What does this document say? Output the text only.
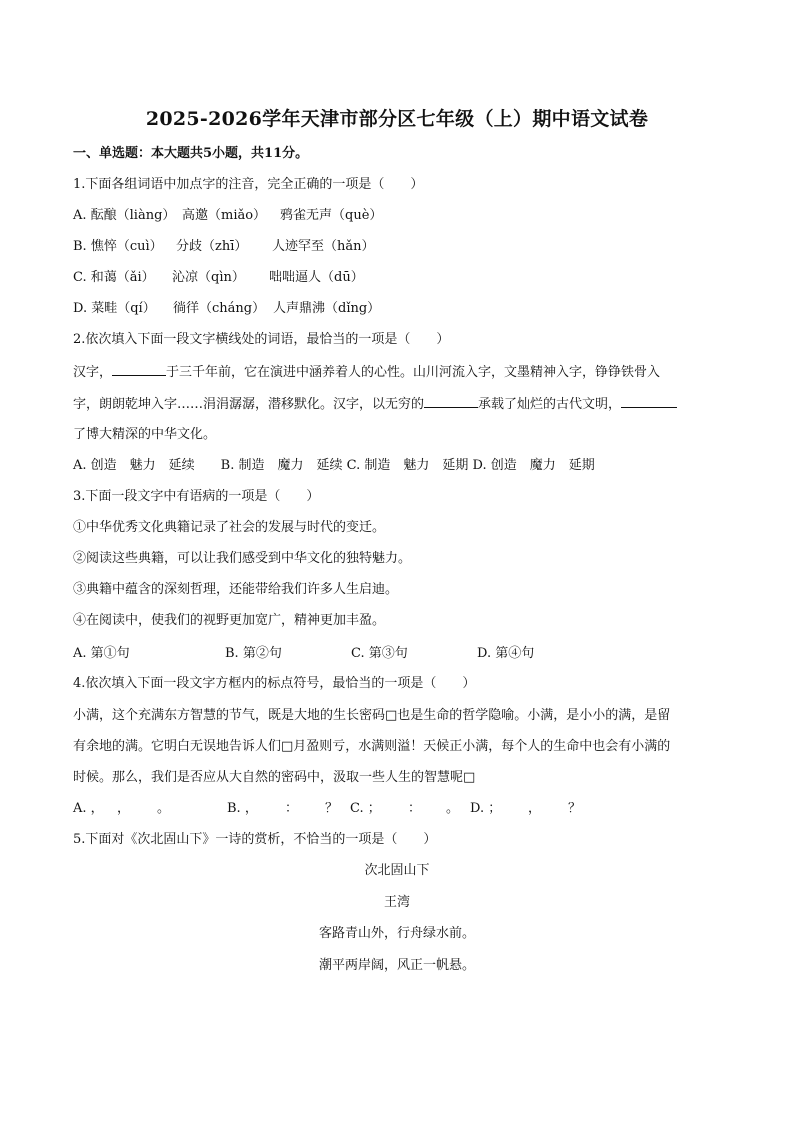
2025-2026学年天津市部分区七年级（上）期中语文试卷
一、单选题：本大题共5小题，共11分。
1.下面各组词语中加点字的注音，完全正确的一项是（　　）
A. 酝酿（liàng） 高邀（miǎo） 鸦雀无声（què）
B. 憔悴（cuì） 分歧（zhī） 人迹罕至（hǎn）
C. 和蔼（ǎi） 沁凉（qìn） 咄咄逼人（dū）
D. 菜畦（qí） 徜徉（cháng） 人声鼎沸（dǐng）
2.依次填入下面一段文字横线处的词语，最恰当的一项是（　　）
汉字，	于三千年前，它在演进中涵养着人的心性。山川河流入字，文墨精神入字，铮铮铁骨入
字，朗朗乾坤入字……涓涓潺潺，潜移默化。汉字，以无穷的	承载了灿烂的古代文明，
了博大精深的中华文化。
A. 创造　魅力　延续　　B. 制造　魔力　延续 C. 制造　魅力　延期 D. 创造　魔力　延期
3.下面一段文字中有语病的一项是（　　）
①中华优秀文化典籍记录了社会的发展与时代的变迁。
②阅读这些典籍，可以让我们感受到中华文化的独特魅力。
③典籍中蕴含的深刻哲理，还能带给我们许多人生启迪。
④在阅读中，使我们的视野更加宽广，精神更加丰盈。
A. 第①句	B. 第②句	C. 第③句	D. 第④句
4.依次填入下面一段文字方框内的标点符号，最恰当的一项是（　　）
小满，这个充满东方智慧的节气，既是大地的生长密码□也是生命的哲学隐喻。小满，是小小的满，是留
有余地的满。它明白无误地告诉人们□月盈则亏，水满则溢！天候正小满，每个人的生命中也会有小满的
时候。那么，我们是否应从大自然的密码中，汲取一些人生的智慧呢□
A. ， ， 。	B. ， ： ？ C. ； ： 。 D. ； ， ？
5.下面对《次北固山下》一诗的赏析，不恰当的一项是（　　）
次北固山下
王湾
客路青山外，行舟绿水前。
潮平两岸阔，风正一帆悬。
